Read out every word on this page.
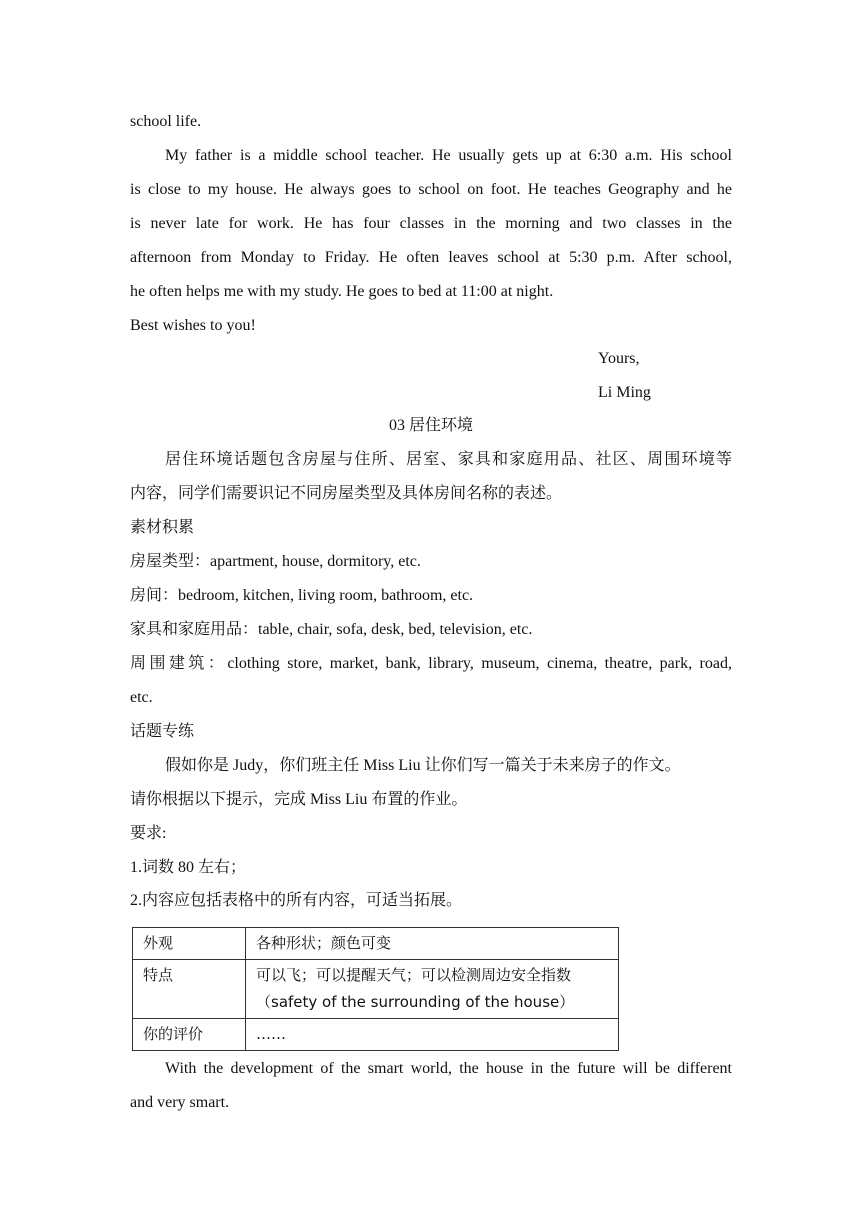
school life.
My father is a middle school teacher. He usually gets up at 6:30 a.m. His school
is close to my house. He always goes to school on foot. He teaches Geography and he
is never late for work. He has four classes in the morning and two classes in the
afternoon from Monday to Friday. He often leaves school at 5:30 p.m. After school,
he often helps me with my study. He goes to bed at 11:00 at night.
Best wishes to you!
Yours,
Li Ming
03 居住环境
居住环境话题包含房屋与住所、居室、家具和家庭用品、社区、周围环境等
内容，同学们需要识记不同房屋类型及具体房间名称的表述。
素材积累
房屋类型：apartment, house, dormitory, etc.
房间：bedroom, kitchen, living room, bathroom, etc.
家具和家庭用品：table, chair, sofa, desk, bed, television, etc.
周围建筑：clothing store, market, bank, library, museum, cinema, theatre, park, road,
etc.
话题专练
假如你是 Judy，你们班主任 Miss Liu 让你们写一篇关于未来房子的作文。
请你根据以下提示，完成 Miss Liu 布置的作业。
要求:
1.词数 80 左右；
2.内容应包括表格中的所有内容，可适当拓展。
外观	各种形状；颜色可变
特点	可以飞；可以提醒天气；可以检测周边安全指数（safety of the surrounding of the house）
你的评价	……
With the development of the smart world, the house in the future will be different
and very smart.
